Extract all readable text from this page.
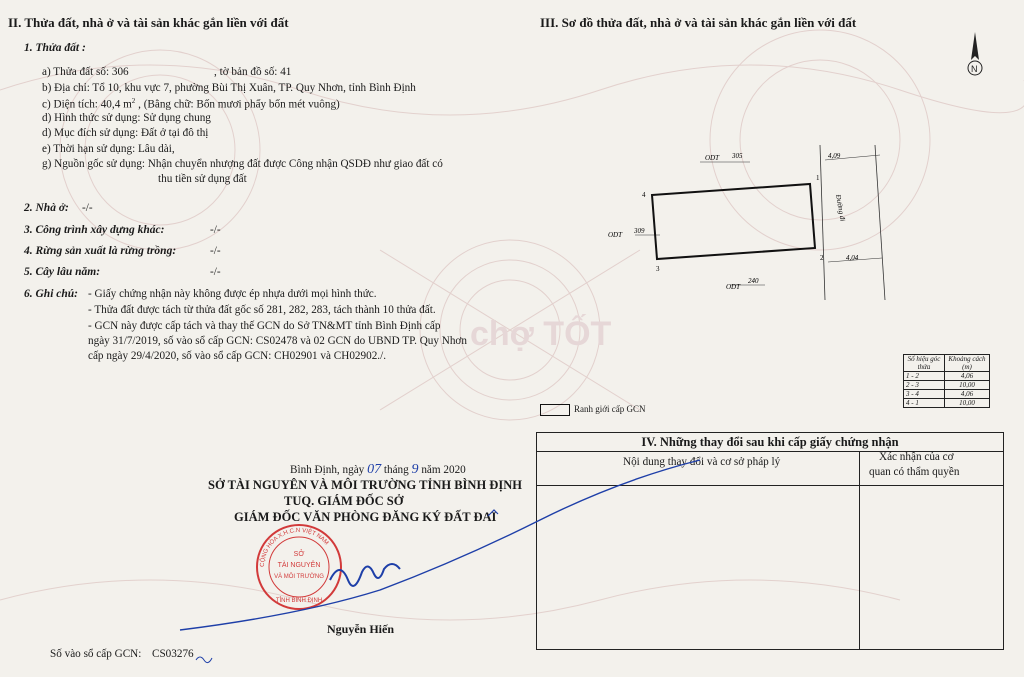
chợ TỐT
II. Thửa đất, nhà ở và tài sản khác gắn liền với đất
1. Thửa đất :
a) Thửa đất số: 306	, tờ bản đồ số: 41
b) Địa chỉ: Tổ 10, khu vực 7, phường Bùi Thị Xuân, TP. Quy Nhơn, tỉnh Bình Định
c) Diện tích: 40,4 $m^2$ , (Bằng chữ: Bốn mươi phẩy bốn mét vuông)
d) Hình thức sử dụng: Sử dụng chung
d) Mục đích sử dụng: Đất ở tại đô thị
e) Thời hạn sử dụng: Lâu dài,
g) Nguồn gốc sử dụng: Nhận chuyển nhượng đất được Công nhận QSDĐ như giao đất có
thu tiền sử dụng đất
2. Nhà ở: -/-
3. Công trình xây dựng khác:	-/-
4. Rừng sản xuất là rừng trồng:	-/-
5. Cây lâu năm:	-/-
6. Ghi chú: - Giấy chứng nhận này không được ép nhựa dưới mọi hình thức.
- Thửa đất được tách từ thửa đất gốc số 281, 282, 283, tách thành 10 thửa đất.
- GCN này được cấp tách và thay thế GCN do Sở TN&MT tỉnh Bình Định cấp
ngày 31/7/2019, số vào sổ cấp GCN: CS02478 và 02 GCN do UBND TP. Quy Nhơn
cấp ngày 29/4/2020, số vào sổ cấp GCN: CH02901 và CH02902./.
III. Sơ đồ thửa đất, nhà ở và tài sản khác gắn liền với đất
N
ODT 305
ODT 309
ODT
240
1
2
3
4
4,09
4,04
Đường đi
Số hiệu góc thửa	Khoảng cách (m)
1 - 2	4,06
2 - 3	10,00
3 - 4	4,06
4 - 1	10,00
Ranh giới cấp GCN
IV. Những thay đổi sau khi cấp giấy chứng nhận
Nội dung thay đổi và cơ sở pháp lý	Xác nhận của cơ
quan có thẩm quyền
Bình Định, ngày 07 tháng 9 năm 2020
SỞ TÀI NGUYÊN VÀ MÔI TRƯỜNG TỈNH BÌNH ĐỊNH
TUQ. GIÁM ĐỐC SỞ
GIÁM ĐỐC VĂN PHÒNG ĐĂNG KÝ ĐẤT ĐAI
CỘNG HÒA X.H.C.N VIỆT NAM
SỞ
TÀI NGUYÊN
VÀ MÔI TRƯỜNG
TỈNH BÌNH ĐỊNH
Nguyễn Hiến
Số vào sổ cấp GCN: CS03276
